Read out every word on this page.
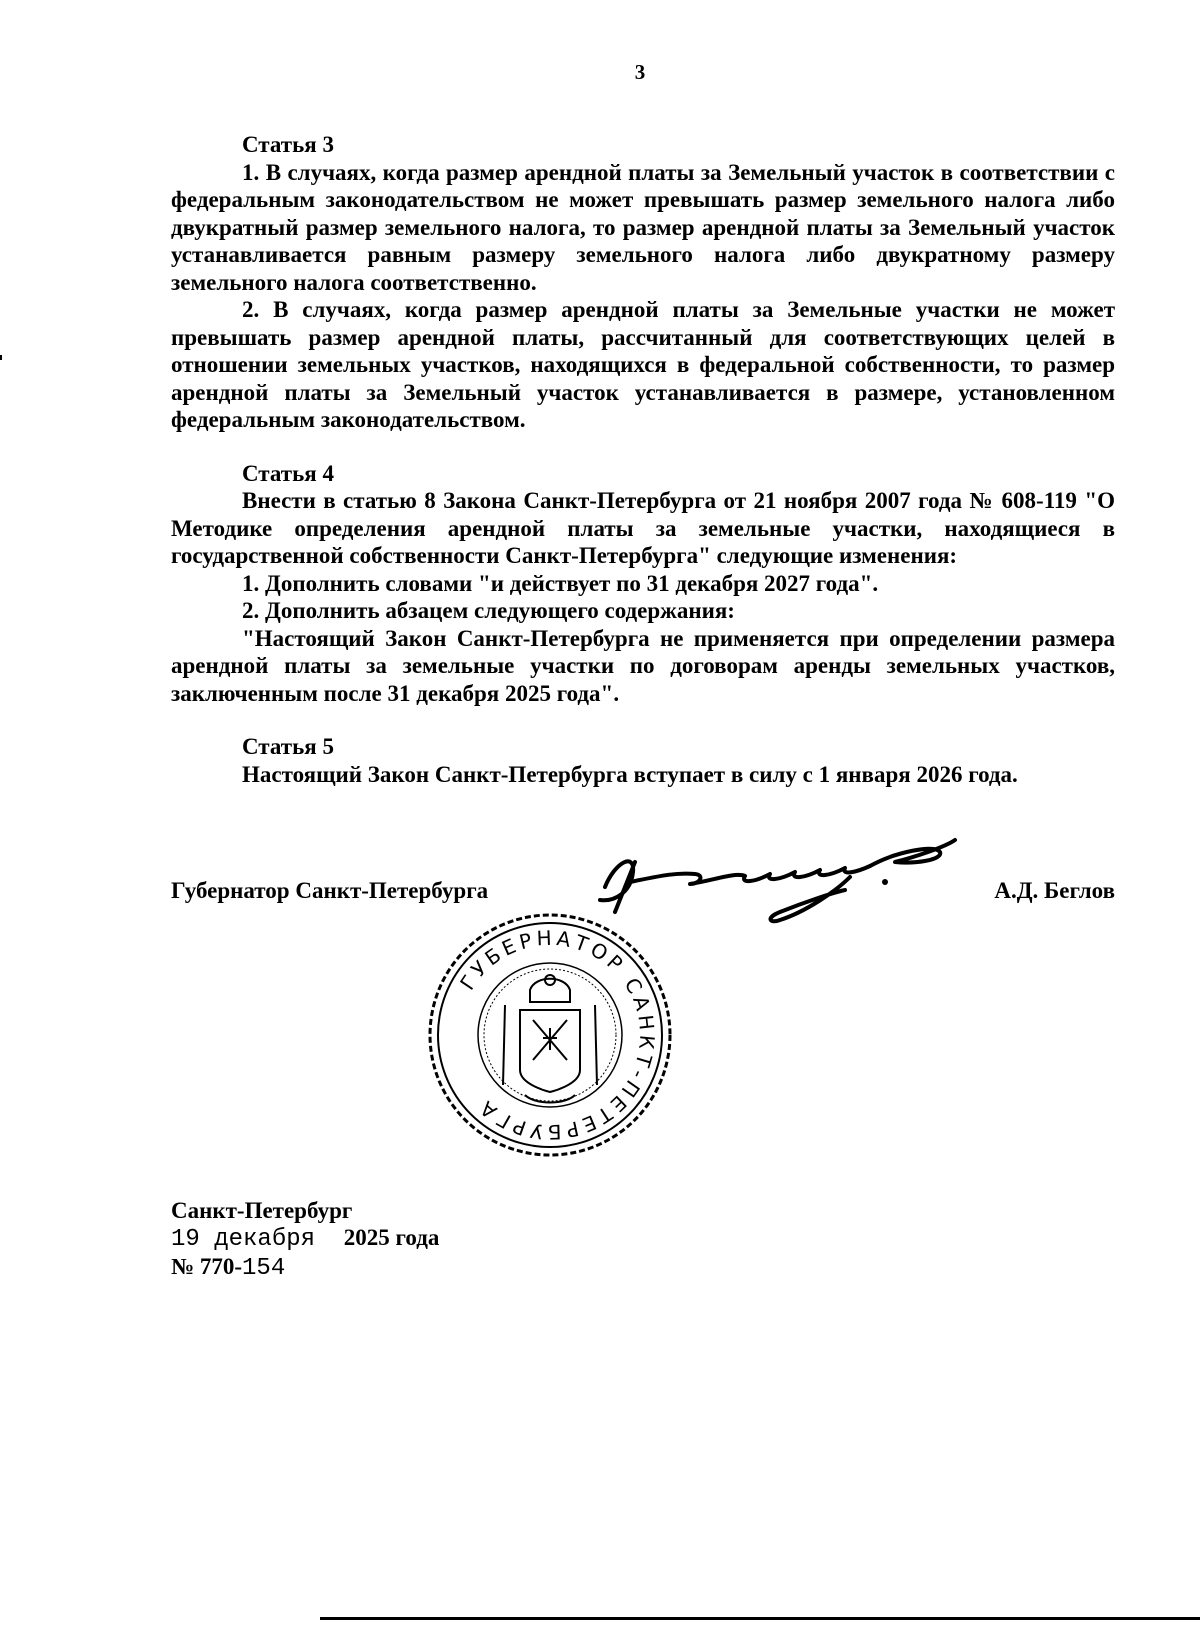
3
Статья 3

1. В случаях, когда размер арендной платы за Земельный участок в соответствии с федеральным законодательством не может превышать размер земельного налога либо двукратный размер земельного налога, то размер арендной платы за Земельный участок устанавливается равным размеру земельного налога либо двукратному размеру земельного налога соответственно.

2. В случаях, когда размер арендной платы за Земельные участки не может превышать размер арендной платы, рассчитанный для соответствующих целей в отношении земельных участков, находящихся в федеральной собственности, то размер арендной платы за Земельный участок устанавливается в размере, установленном федеральным законодательством.

Статья 4

Внести в статью 8 Закона Санкт-Петербурга от 21 ноября 2007 года № 608-119 "О Методике определения арендной платы за земельные участки, находящиеся в государственной собственности Санкт-Петербурга" следующие изменения:

1. Дополнить словами "и действует по 31 декабря 2027 года".

2. Дополнить абзацем следующего содержания:

"Настоящий Закон Санкт-Петербурга не применяется при определении размера арендной платы за земельные участки по договорам аренды земельных участков, заключенным после 31 декабря 2025 года".

Статья 5

Настоящий Закон Санкт-Петербурга вступает в силу с 1 января 2026 года.

Губернатор Санкт-Петербурга	А.Д. Беглов
ГУБЕРНАТОР САНКТ-ПЕТЕРБУРГА
Санкт-Петербург
19 декабря 2025 года
№ 770-154
